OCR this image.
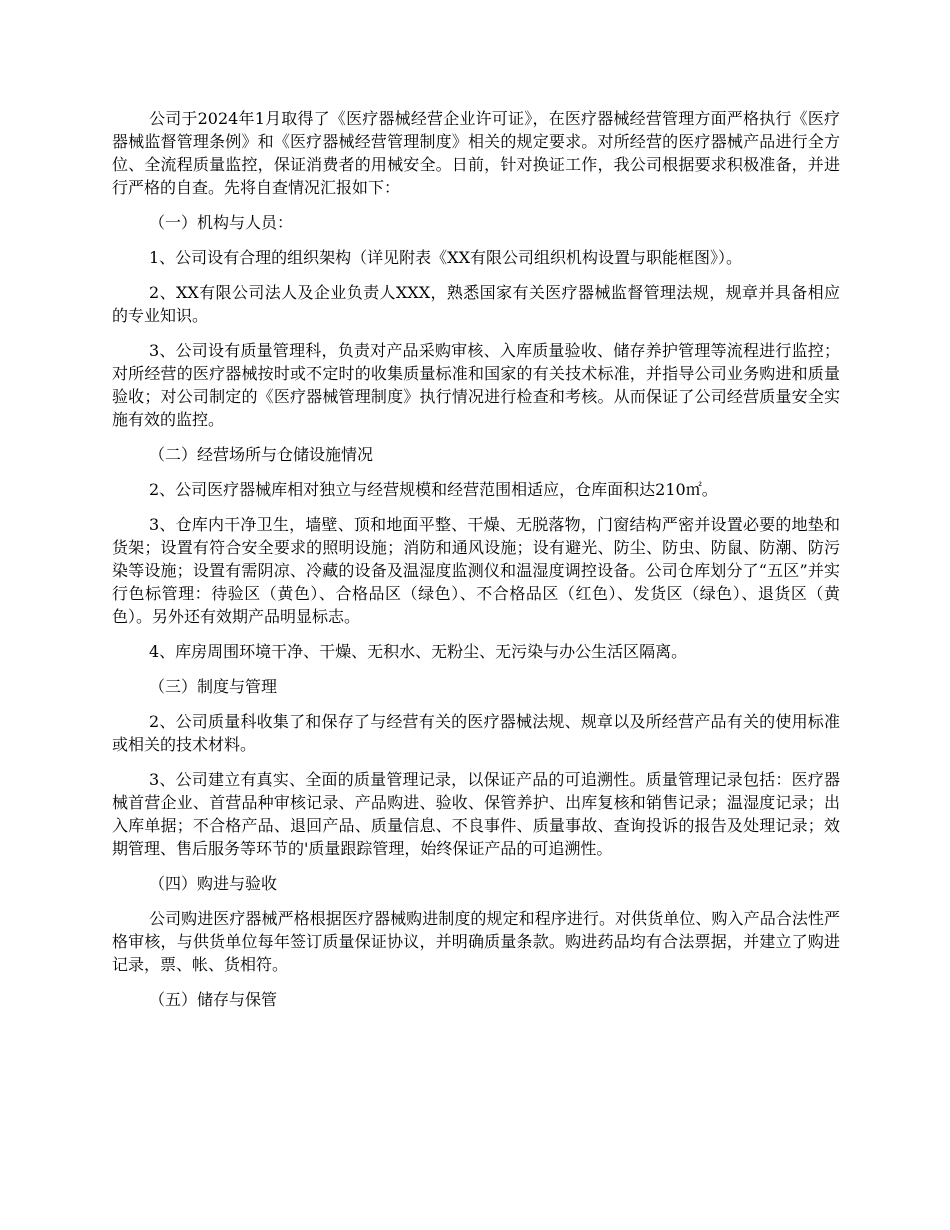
公司于2024年1月取得了《医疗器械经营企业许可证》，在医疗器械经营管理方面严格执行《医疗器械监督管理条例》和《医疗器械经营管理制度》相关的规定要求。对所经营的医疗器械产品进行全方位、全流程质量监控，保证消费者的用械安全。日前，针对换证工作，我公司根据要求积极准备，并进行严格的自查。先将自查情况汇报如下：

（一）机构与人员：

1、公司设有合理的组织架构（详见附表《XX有限公司组织机构设置与职能框图》）。

2、XX有限公司法人及企业负责人XXX，熟悉国家有关医疗器械监督管理法规，规章并具备相应的专业知识。

3、公司设有质量管理科，负责对产品采购审核、入库质量验收、储存养护管理等流程进行监控；对所经营的医疗器械按时或不定时的收集质量标准和国家的有关技术标准，并指导公司业务购进和质量验收；对公司制定的《医疗器械管理制度》执行情况进行检查和考核。从而保证了公司经营质量安全实施有效的监控。

（二）经营场所与仓储设施情况

2、公司医疗器械库相对独立与经营规模和经营范围相适应，仓库面积达210㎡。

3、仓库内干净卫生，墙壁、顶和地面平整、干燥、无脱落物，门窗结构严密并设置必要的地垫和货架；设置有符合安全要求的照明设施；消防和通风设施；设有避光、防尘、防虫、防鼠、防潮、防污染等设施；设置有需阴凉、冷藏的设备及温湿度监测仪和温湿度调控设备。公司仓库划分了“五区”并实行色标管理：待验区（黄色）、合格品区（绿色）、不合格品区（红色）、发货区（绿色）、退货区（黄色）。另外还有效期产品明显标志。

4、库房周围环境干净、干燥、无积水、无粉尘、无污染与办公生活区隔离。

（三）制度与管理

2、公司质量科收集了和保存了与经营有关的医疗器械法规、规章以及所经营产品有关的使用标准或相关的技术材料。

3、公司建立有真实、全面的质量管理记录，以保证产品的可追溯性。质量管理记录包括：医疗器械首营企业、首营品种审核记录、产品购进、验收、保管养护、出库复核和销售记录；温湿度记录；出入库单据；不合格产品、退回产品、质量信息、不良事件、质量事故、查询投诉的报告及处理记录；效期管理、售后服务等环节的'质量跟踪管理，始终保证产品的可追溯性。

（四）购进与验收

公司购进医疗器械严格根据医疗器械购进制度的规定和程序进行。对供货单位、购入产品合法性严格审核，与供货单位每年签订质量保证协议，并明确质量条款。购进药品均有合法票据，并建立了购进记录，票、帐、货相符。

（五）储存与保管
